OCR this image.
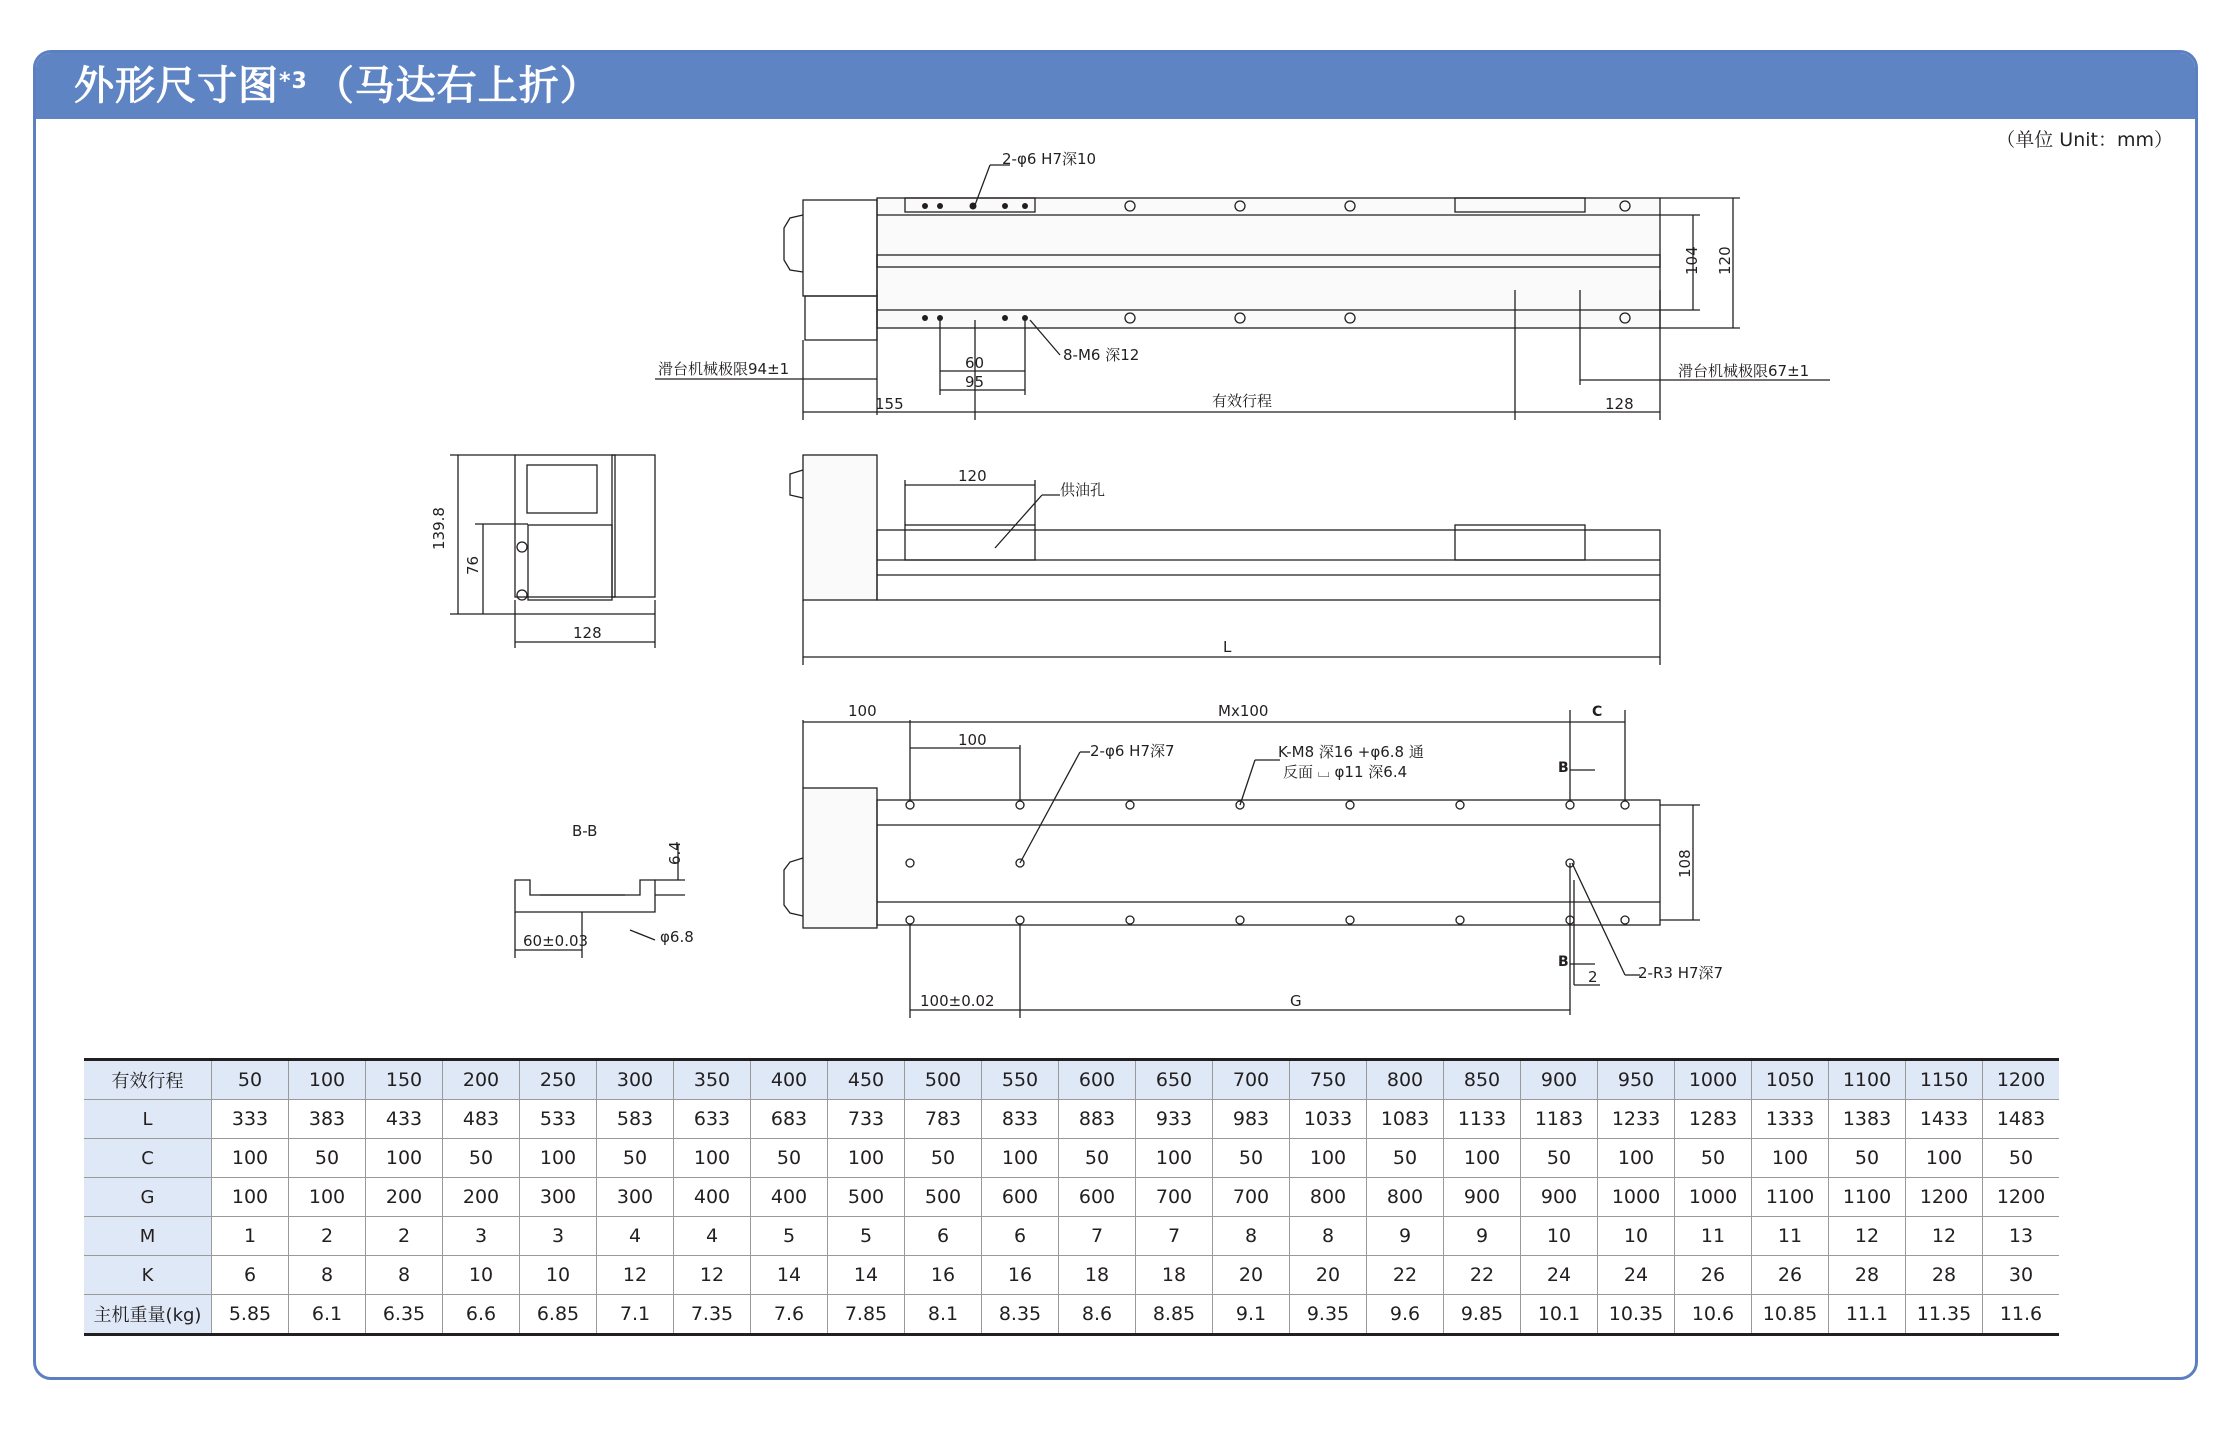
外形尺寸图$^{*3}$ （马达右上折）
（单位 Unit：mm）
2-φ6 H7深10
8-M6 深12
滑台机械极限94±1	滑台机械极限67±1
60
95
155	有效行程	128
104 120
139.8
76
128
120
供油孔
L
100	Mx100	C
100
2-φ6 H7深7	K-M8 深16 +φ6.8 通
反面 ⌴ φ11 深6.4	B
B
108
2	2-R3 H7深7
100±0.02	G
B-B
6.4
60±0.03	φ6.8
有效行程	50	100	150	200	250	300	350	400	450	500	550	600	650	700	750	800	850	900	950	1000	1050	1100	1150	1200
L	333	383	433	483	533	583	633	683	733	783	833	883	933	983	1033	1083	1133	1183	1233	1283	1333	1383	1433	1483
C	100	50	100	50	100	50	100	50	100	50	100	50	100	50	100	50	100	50	100	50	100	50	100	50
G	100	100	200	200	300	300	400	400	500	500	600	600	700	700	800	800	900	900	1000	1000	1100	1100	1200	1200
M	1	2	2	3	3	4	4	5	5	6	6	7	7	8	8	9	9	10	10	11	11	12	12	13
K	6	8	8	10	10	12	12	14	14	16	16	18	18	20	20	22	22	24	24	26	26	28	28	30
主机重量(kg)	5.85	6.1	6.35	6.6	6.85	7.1	7.35	7.6	7.85	8.1	8.35	8.6	8.85	9.1	9.35	9.6	9.85	10.1	10.35	10.6	10.85	11.1	11.35	11.6
